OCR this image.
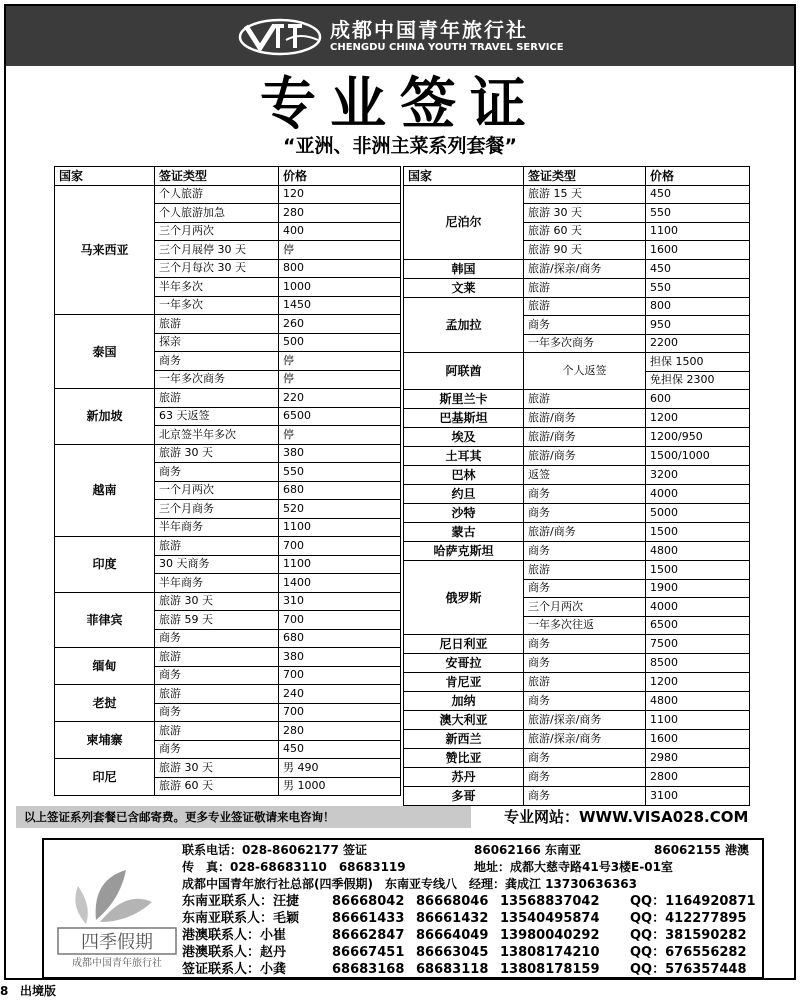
成都中国青年旅行社
CHENGDU CHINA YOUTH TRAVEL SERVICE
专业签证
“亚洲、非洲主菜系列套餐”
国家	签证类型	价格
马来西亚	个人旅游	120
	个人旅游加急	280
	三个月两次	400
	三个月展停 30 天	停
	三个月每次 30 天	800
	半年多次	1000
	一年多次	1450
泰国	旅游	260
	探亲	500
	商务	停
	一年多次商务	停
新加坡	旅游	220
	63 天返签	6500
	北京签半年多次	停
越南	旅游 30 天	380
	商务	550
	一个月两次	680
	三个月商务	520
	半年商务	1100
印度	旅游	700
	30 天商务	1100
	半年商务	1400
菲律宾	旅游 30 天	310
	旅游 59 天	700
	商务	680
缅甸	旅游	380
	商务	700
老挝	旅游	240
	商务	700
柬埔寨	旅游	280
	商务	450
印尼	旅游 30 天	男 490
	旅游 60 天	男 1000
国家	签证类型	价格
尼泊尔	旅游 15 天	450
	旅游 30 天	550
	旅游 60 天	1100
	旅游 90 天	1600
韩国	旅游/探亲/商务	450
文莱	旅游	550
孟加拉	旅游	800
	商务	950
	一年多次商务	2200
阿联酋	个人返签	担保 1500
		免担保 2300
斯里兰卡	旅游	600
巴基斯坦	旅游/商务	1200
埃及	旅游/商务	1200/950
土耳其	旅游/商务	1500/1000
巴林	返签	3200
约旦	商务	4000
沙特	商务	5000
蒙古	旅游/商务	1500
哈萨克斯坦	商务	4800
俄罗斯	旅游	1500
	商务	1900
	三个月两次	4000
	一年多次往返	6500
尼日利亚	商务	7500
安哥拉	商务	8500
肯尼亚	旅游	1200
加纳	商务	4800
澳大利亚	旅游/探亲/商务	1100
新西兰	旅游/探亲/商务	1600
赞比亚	商务	2980
苏丹	商务	2800
多哥	商务	3100
以上签证系列套餐已含邮寄费。更多专业签证敬请来电咨询！	专业网站：WWW.VISA028.COM
四季假期
成都中国青年旅行社
联系电话：028-86062177 签证	86062166 东南亚	86062155 港澳
传　真：028-68683110　68683119	地址：成都大慈寺路41号3楼E-01室
成都中国青年旅行社总部(四季假期)　东南亚专线八　经理：龚成江 13730636363
东南亚联系人：汪捷	86668042 86668046 13568837042 QQ：1164920871
东南亚联系人：毛颖	86661433 86661432 13540495874 QQ：412277895
港澳联系人：小崔	86662847 86664049 13980040292 QQ：381590282
港澳联系人：赵丹	86667451 86663045 13808174210 QQ：676556282
签证联系人：小龚	68683168 68683118 13808178159 QQ：576357448
8 出境版
